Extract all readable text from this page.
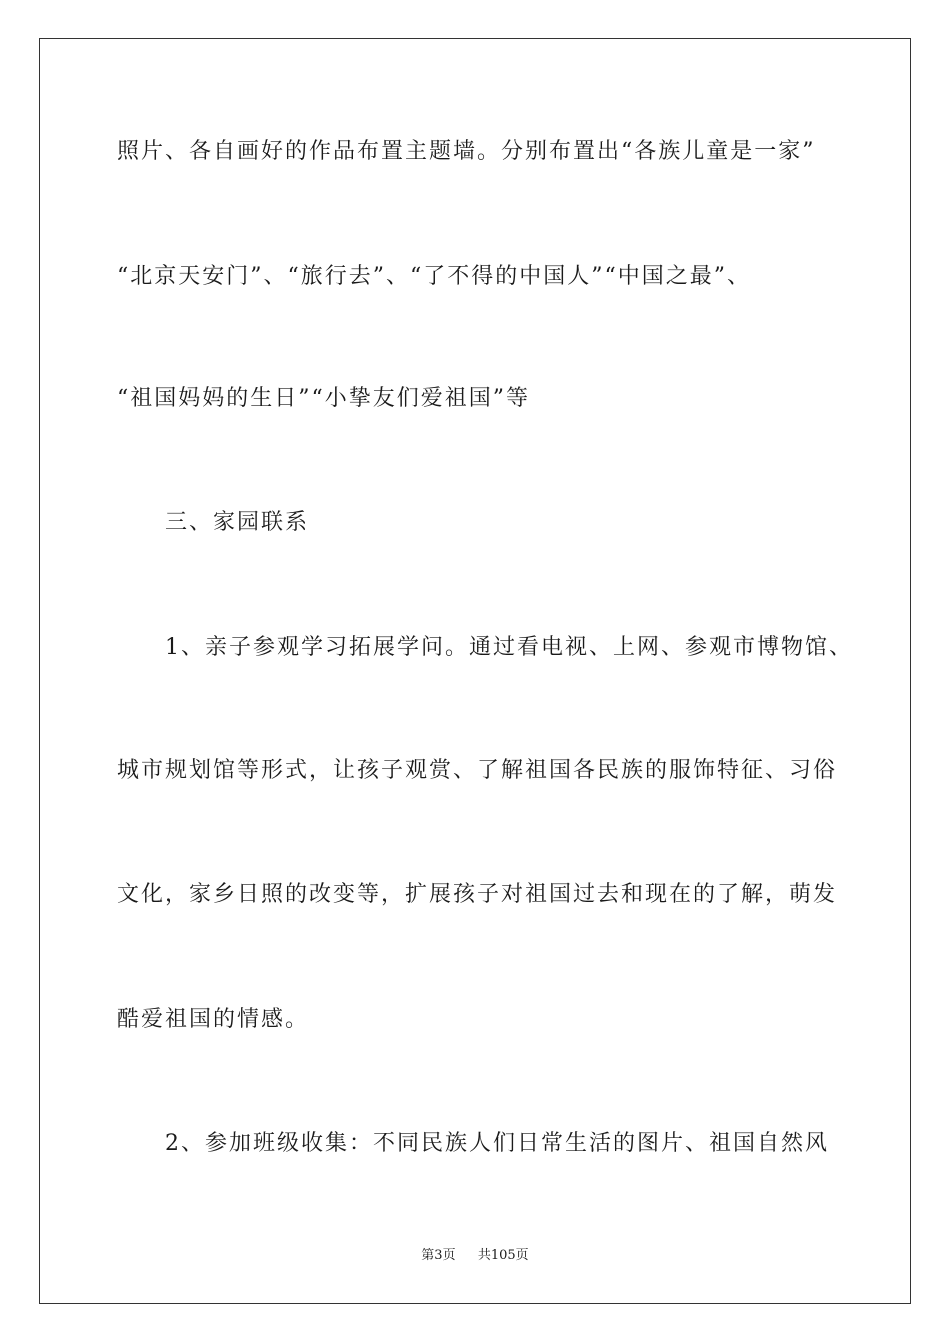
照片、各自画好的作品布置主题墙。分别布置出“各族儿童是一家”
“北京天安门”、“旅行去”、“了不得的中国人”“中国之最”、
“祖国妈妈的生日”“小挚友们爱祖国”等
三、家园联系
1、亲子参观学习拓展学问。通过看电视、上网、参观市博物馆、
城市规划馆等形式，让孩子观赏、了解祖国各民族的服饰特征、习俗
文化，家乡日照的改变等，扩展孩子对祖国过去和现在的了解，萌发
酷爱祖国的情感。
2、参加班级收集：不同民族人们日常生活的图片、祖国自然风
第3页 共105页
